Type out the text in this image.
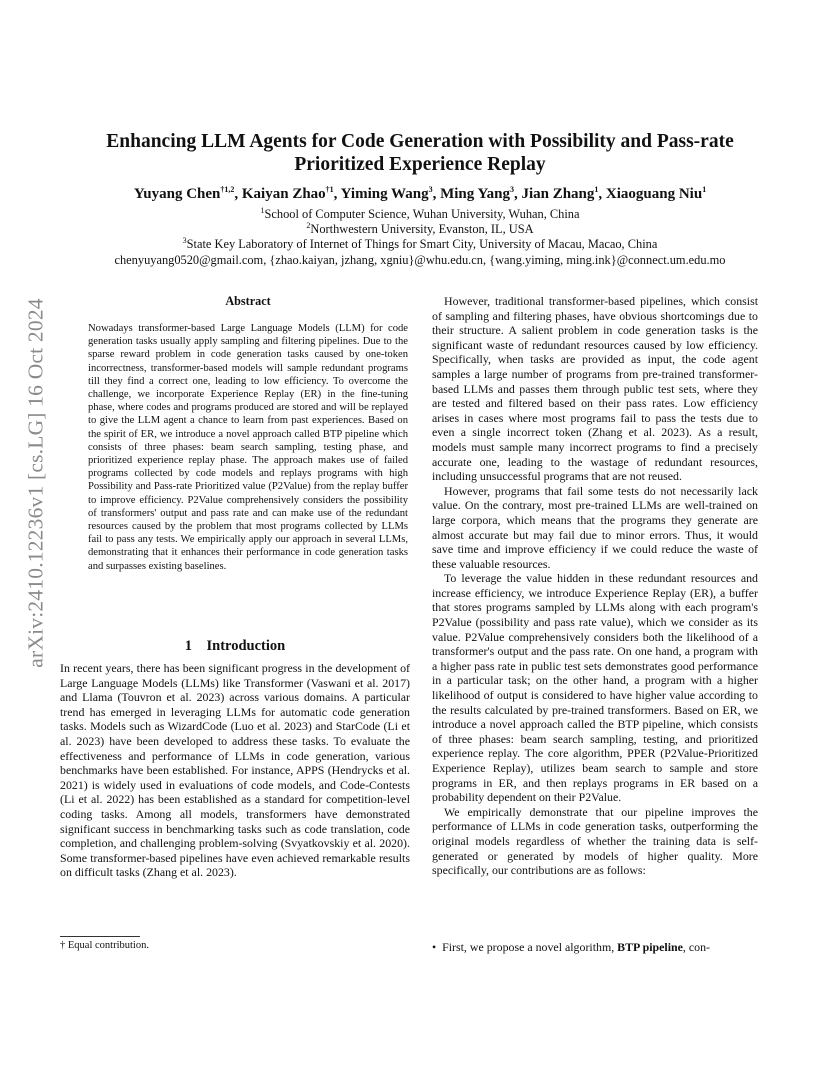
arXiv:2410.12236v1 [cs.LG] 16 Oct 2024
Enhancing LLM Agents for Code Generation with Possibility and Pass-rate Prioritized Experience Replay
Yuyang Chen$^{\dagger 1,2}$, Kaiyan Zhao$^{\dagger 1}$, Yiming Wang$^3$, Ming Yang$^3$, Jian Zhang$^1$, Xiaoguang Niu$^1$
$^1$School of Computer Science, Wuhan University, Wuhan, China
$^2$Northwestern University, Evanston, IL, USA
$^3$State Key Laboratory of Internet of Things for Smart City, University of Macau, Macao, China
chenyuyang0520@gmail.com, {zhao.kaiyan, jzhang, xgniu}@whu.edu.cn, {wang.yiming, ming.ink}@connect.um.edu.mo
Abstract
Nowadays transformer-based Large Language Models (LLM) for code generation tasks usually apply sampling and filtering pipelines. Due to the sparse reward problem in code generation tasks caused by one-token incorrectness, transformer-based models will sample redundant programs till they find a correct one, leading to low efficiency. To overcome the challenge, we incorporate Experience Replay (ER) in the fine-tuning phase, where codes and programs produced are stored and will be replayed to give the LLM agent a chance to learn from past experiences. Based on the spirit of ER, we introduce a novel approach called BTP pipeline which consists of three phases: beam search sampling, testing phase, and prioritized experience replay phase. The approach makes use of failed programs collected by code models and replays programs with high Possibility and Pass-rate Prioritized value (P2Value) from the replay buffer to improve efficiency. P2Value comprehensively considers the possibility of transformers' output and pass rate and can make use of the redundant resources caused by the problem that most programs collected by LLMs fail to pass any tests. We empirically apply our approach in several LLMs, demonstrating that it enhances their performance in code generation tasks and surpasses existing baselines.
1 Introduction

In recent years, there has been significant progress in the development of Large Language Models (LLMs) like Transformer (Vaswani et al. 2017) and Llama (Touvron et al. 2023) across various domains. A particular trend has emerged in leveraging LLMs for automatic code generation tasks. Models such as WizardCode (Luo et al. 2023) and StarCode (Li et al. 2023) have been developed to address these tasks. To evaluate the effectiveness and performance of LLMs in code generation, various benchmarks have been established. For instance, APPS (Hendrycks et al. 2021) is widely used in evaluations of code models, and Code-Contests (Li et al. 2022) has been established as a standard for competition-level coding tasks. Among all models, transformers have demonstrated significant success in benchmarking tasks such as code translation, code completion, and challenging problem-solving (Svyatkovskiy et al. 2020). Some transformer-based pipelines have even achieved remarkable results on difficult tasks (Zhang et al. 2023).

† Equal contribution.

However, traditional transformer-based pipelines, which consist of sampling and filtering phases, have obvious shortcomings due to their structure. A salient problem in code generation tasks is the significant waste of redundant resources caused by low efficiency. Specifically, when tasks are provided as input, the code agent samples a large number of programs from pre-trained transformer-based LLMs and passes them through public test sets, where they are tested and filtered based on their pass rates. Low efficiency arises in cases where most programs fail to pass the tests due to even a single incorrect token (Zhang et al. 2023). As a result, models must sample many incorrect programs to find a precisely accurate one, leading to the wastage of redundant resources, including unsuccessful programs that are not reused.

However, programs that fail some tests do not necessarily lack value. On the contrary, most pre-trained LLMs are well-trained on large corpora, which means that the programs they generate are almost accurate but may fail due to minor errors. Thus, it would save time and improve efficiency if we could reduce the waste of these valuable resources.

To leverage the value hidden in these redundant resources and increase efficiency, we introduce Experience Replay (ER), a buffer that stores programs sampled by LLMs along with each program's P2Value (possibility and pass rate value), which we consider as its value. P2Value comprehensively considers both the likelihood of a transformer's output and the pass rate. On one hand, a program with a higher pass rate in public test sets demonstrates good performance in a particular task; on the other hand, a program with a higher likelihood of output is considered to have higher value according to the results calculated by pre-trained transformers. Based on ER, we introduce a novel approach called the BTP pipeline, which consists of three phases: beam search sampling, testing, and prioritized experience replay. The core algorithm, PPER (P2Value-Prioritized Experience Replay), utilizes beam search to sample and store programs in ER, and then replays programs in ER based on a probability dependent on their P2Value.

We empirically demonstrate that our pipeline improves the performance of LLMs in code generation tasks, outperforming the original models regardless of whether the training data is self-generated or generated by models of higher quality. More specifically, our contributions are as follows:

• First, we propose a novel algorithm, BTP pipeline, con-
